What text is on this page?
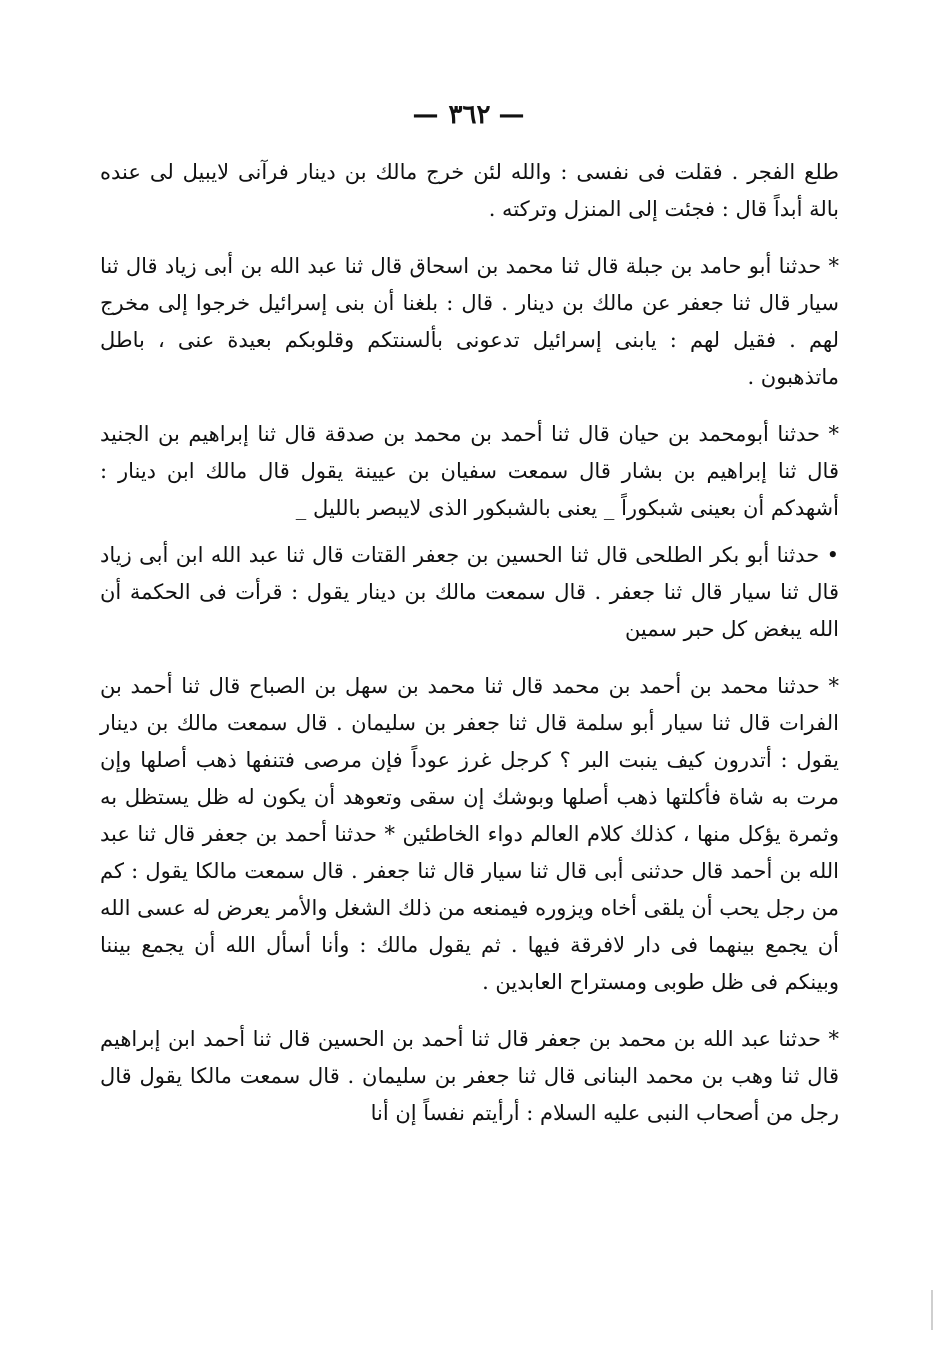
— ٣٦٢ —

طلع الفجر . فقلت فى نفسى : والله لئن خرج مالك بن دينار فرآنى لايبيل لى عنده بالة أبداً قال : فجئت إلى المنزل وتركته .

* حدثنا أبو حامد بن جبلة قال ثنا محمد بن اسحاق قال ثنا عبد الله بن أبى زياد قال ثنا سيار قال ثنا جعفر عن مالك بن دينار . قال : بلغنا أن بنى إسرائيل خرجوا إلى مخرج لهم . فقيل لهم : يابنى إسرائيل تدعونى بألسنتكم وقلوبكم بعيدة عنى ، باطل ماتذهبون .

* حدثنا أبومحمد بن حيان قال ثنا أحمد بن محمد بن صدقة قال ثنا إبراهيم بن الجنيد قال ثنا إبراهيم بن بشار قال سمعت سفيان بن عيينة يقول قال مالك ابن دينار : أشهدكم أن بعينى شبكوراً _ يعنى بالشبكور الذى لايبصر بالليل _

• حدثنا أبو بكر الطلحى قال ثنا الحسين بن جعفر القتات قال ثنا عبد الله ابن أبى زياد قال ثنا سيار قال ثنا جعفر . قال سمعت مالك بن دينار يقول : قرأت فى الحكمة أن الله يبغض كل حبر سمين

* حدثنا محمد بن أحمد بن محمد قال ثنا محمد بن سهل بن الصباح قال ثنا أحمد بن الفرات قال ثنا سيار أبو سلمة قال ثنا جعفر بن سليمان . قال سمعت مالك بن دينار يقول : أتدرون كيف ينبت البر ؟ كرجل غرز عوداً فإن مرصى فتنفها ذهب أصلها وإن مرت به شاة فأكلتها ذهب أصلها وبوشك إن سقى وتعوهد أن يكون له ظل يستظل به وثمرة يؤكل منها ، كذلك كلام العالم دواء الخاطئين * حدثنا أحمد بن جعفر قال ثنا عبد الله بن أحمد قال حدثنى أبى قال ثنا سيار قال ثنا جعفر . قال سمعت مالكا يقول : كم من رجل يحب أن يلقى أخاه ويزوره فيمنعه من ذلك الشغل والأمر يعرض له عسى الله أن يجمع بينهما فى دار لافرقة فيها . ثم يقول مالك : وأنا أسأل الله أن يجمع بيننا وبينكم فى ظل طوبى ومستراح العابدين .

* حدثنا عبد الله بن محمد بن جعفر قال ثنا أحمد بن الحسين قال ثنا أحمد ابن إبراهيم قال ثنا وهب بن محمد البنانى قال ثنا جعفر بن سليمان . قال سمعت مالكا يقول قال رجل من أصحاب النبى عليه السلام : أرأيتم نفساً إن أنا
